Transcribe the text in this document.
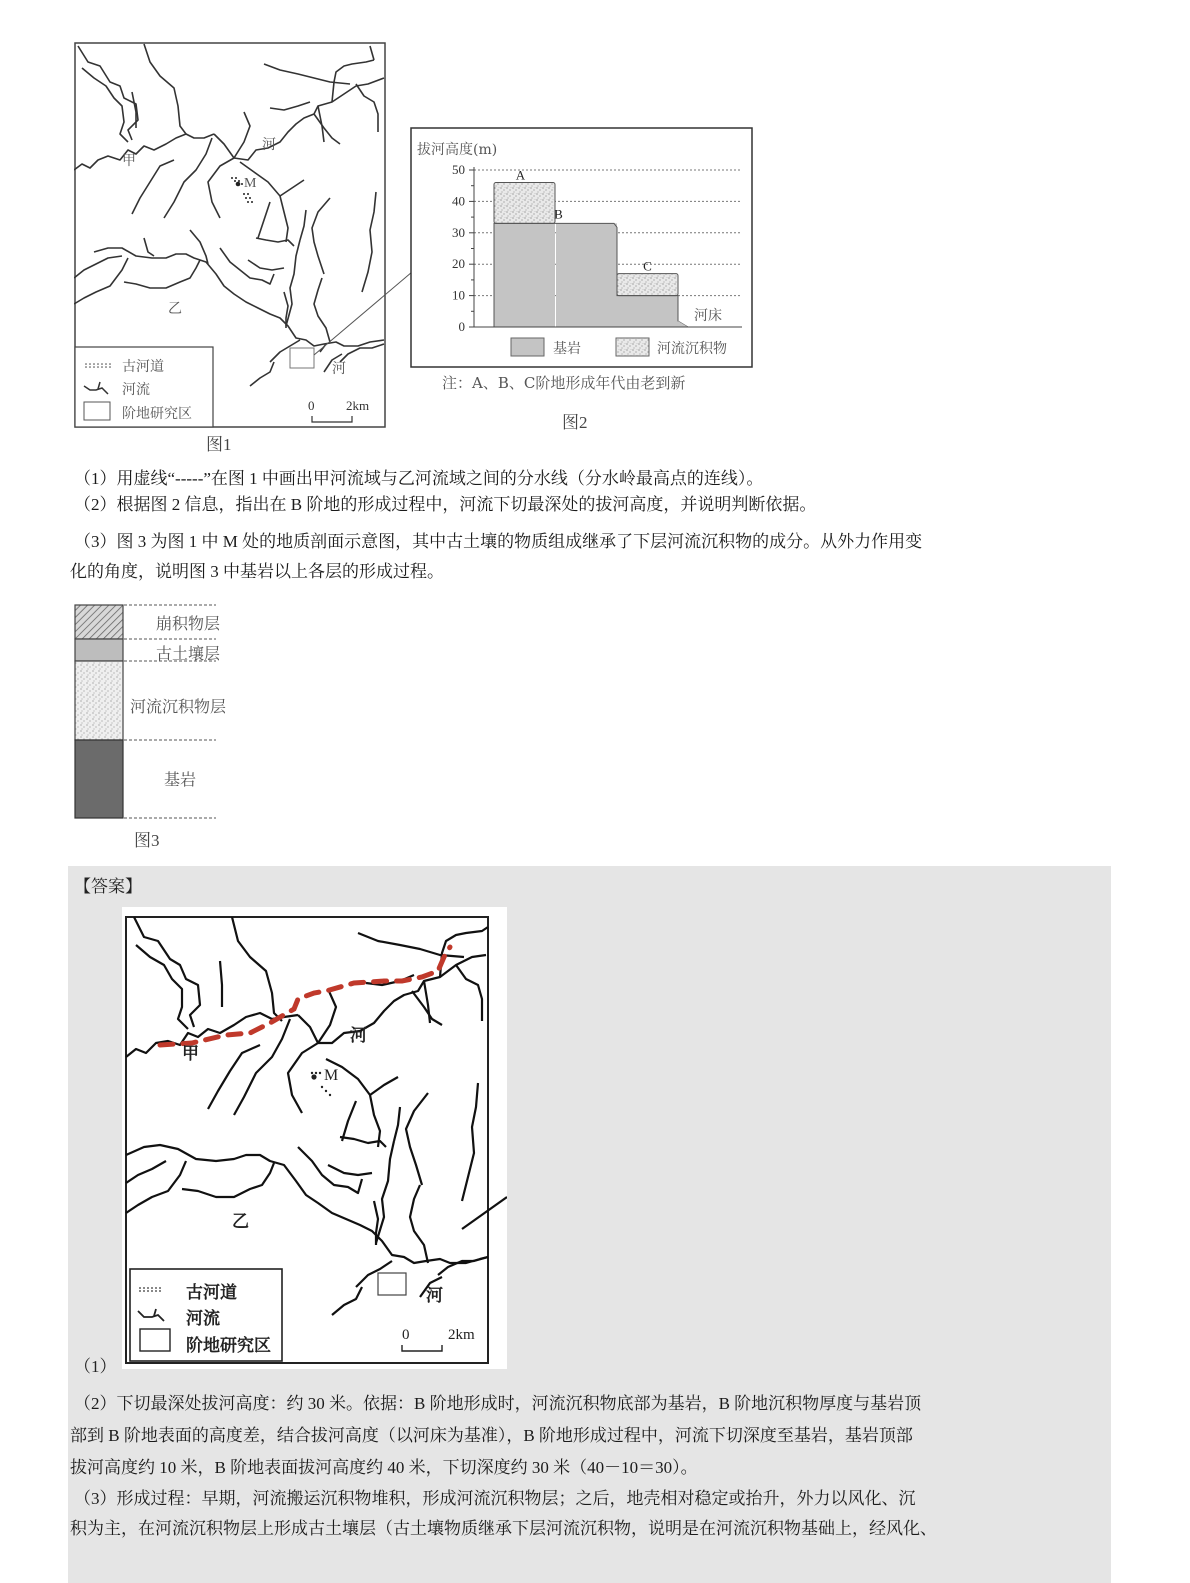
甲
河
M
乙
河
古河道
河流
阶地研究区
0 2km
图1
0
10
20
30
40
50	A
B
C
基岩	河流沉积物
河床
拔河高度(m)
注：A、B、C阶地形成年代由老到新
图2
（1）用虚线“-----”在图 1 中画出甲河流域与乙河流域之间的分水线（分水岭最高点的连线）。
（2）根据图 2 信息，指出在 B 阶地的形成过程中，河流下切最深处的拔河高度，并说明判断依据。
（3）图 3 为图 1 中 M 处的地质剖面示意图，其中古土壤的物质组成继承了下层河流沉积物的成分。从外力作用变
化的角度，说明图 3 中基岩以上各层的形成过程。
崩积物层
古土壤层
河流沉积物层
基岩
图3
【答案】
甲
河
M
乙
河
古河道
河流
阶地研究区
0	2km
（1）
（2）下切最深处拔河高度：约 30 米。依据：B 阶地形成时，河流沉积物底部为基岩，B 阶地沉积物厚度与基岩顶
部到 B 阶地表面的高度差，结合拔河高度（以河床为基准），B 阶地形成过程中，河流下切深度至基岩，基岩顶部
拔河高度约 10 米，B 阶地表面拔河高度约 40 米，下切深度约 30 米（40－10＝30）。
（3）形成过程：早期，河流搬运沉积物堆积，形成河流沉积物层；之后，地壳相对稳定或抬升，外力以风化、沉
积为主，在河流沉积物层上形成古土壤层（古土壤物质继承下层河流沉积物，说明是在河流沉积物基础上，经风化、
